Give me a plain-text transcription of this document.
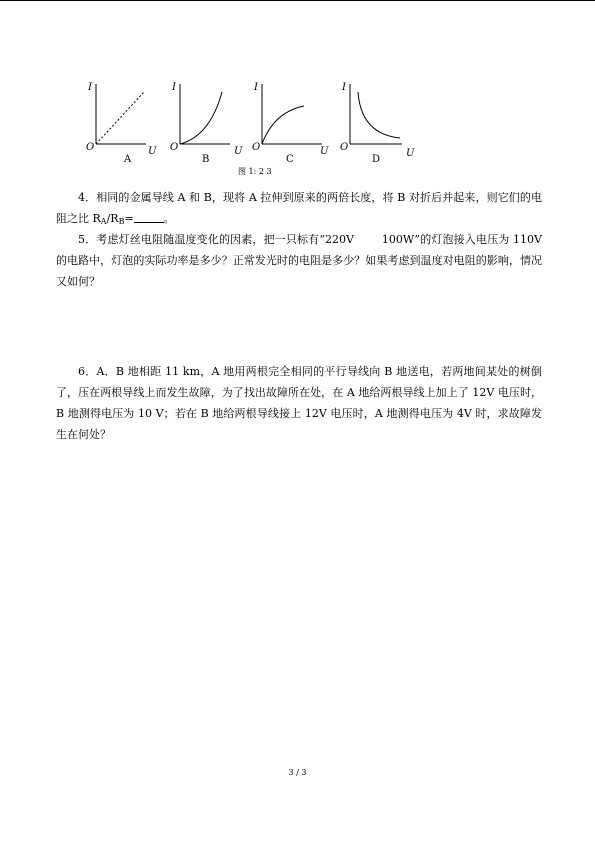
I
O	U
A
I
O	U
B
I
O	U
C
I
O
U
D
图 1: 2 3

4．相同的金属导线 A 和 B，现将 A 拉伸到原来的两倍长度，将 B 对折后并起来，则它们的电阻之比 $R_A/R_B=$	。

5．考虑灯丝电阻随温度变化的因素，把一只标有“220V	100W”的灯泡接入电压为 110V 的电路中，灯泡的实际功率是多少？正常发光时的电阻是多少？如果考虑到温度对电阻的影响，情况又如何？

6．A．B 地相距 11 km，A 地用两根完全相同的平行导线向 B 地送电，若两地间某处的树倒了，压在两根导线上而发生故障，为了找出故障所在处，在 A 地给两根导线上加上了 12V 电压时，B 地测得电压为 10 V；若在 B 地给两根导线接上 12V 电压时，A 地测得电压为 4V 时，求故障发生在何处？

3 / 3
